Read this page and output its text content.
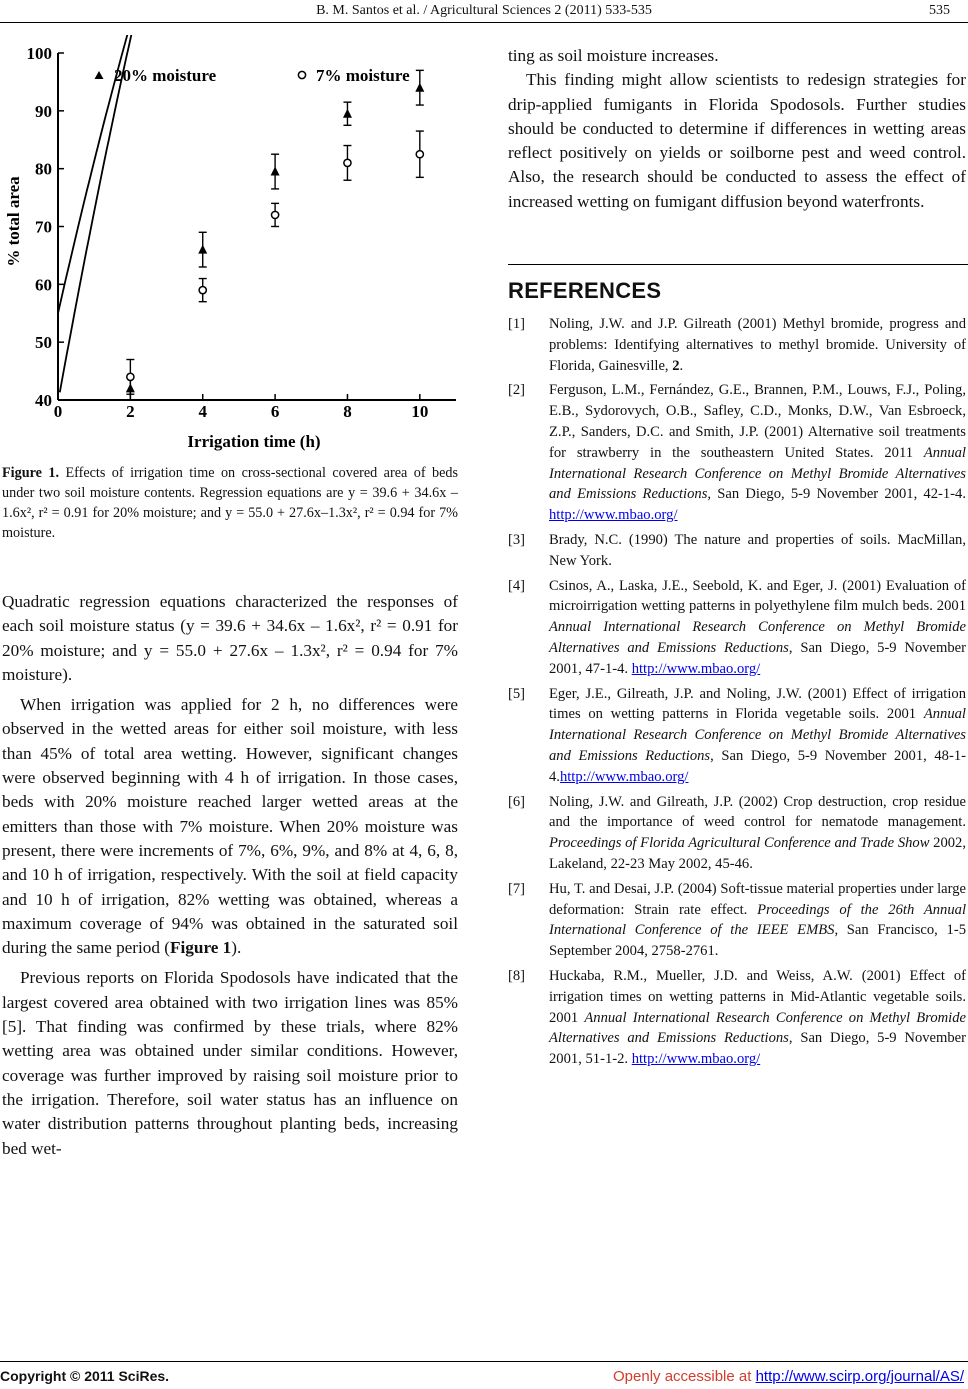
B. M. Santos et al. / Agricultural Sciences 2 (2011) 533-535	535
0	2	4	6	8	10
40
50
60
70
80
90
100
Irrigation time (h)
% total area
20% moisture	7% moisture
Figure 1. Effects of irrigation time on cross-sectional covered area of beds under two soil moisture contents. Regression equations are y = 39.6 + 34.6x – 1.6x², r² = 0.91 for 20% moisture; and y = 55.0 + 27.6x–1.3x², r² = 0.94 for 7% moisture.

Quadratic regression equations characterized the responses of each soil moisture status (y = 39.6 + 34.6x – 1.6x², r² = 0.91 for 20% moisture; and y = 55.0 + 27.6x – 1.3x², r² = 0.94 for 7% moisture).

When irrigation was applied for 2 h, no differences were observed in the wetted areas for either soil moisture, with less than 45% of total area wetting. However, significant changes were observed beginning with 4 h of irrigation. In those cases, beds with 20% moisture reached larger wetted areas at the emitters than those with 7% moisture. When 20% moisture was present, there were increments of 7%, 6%, 9%, and 8% at 4, 6, 8, and 10 h of irrigation, respectively. With the soil at field capacity and 10 h of irrigation, 82% wetting was obtained, whereas a maximum coverage of 94% was obtained in the saturated soil during the same period (Figure 1).

Previous reports on Florida Spodosols have indicated that the largest covered area obtained with two irrigation lines was 85% [5]. That finding was confirmed by these trials, where 82% wetting area was obtained under similar conditions. However, coverage was further improved by raising soil moisture prior to the irrigation. Therefore, soil water status has an influence on water distribution patterns throughout planting beds, increasing bed wet-

ting as soil moisture increases.

This finding might allow scientists to redesign strategies for drip-applied fumigants in Florida Spodosols. Further studies should be conducted to determine if differences in wetting areas reflect positively on yields or soilborne pest and weed control. Also, the research should be conducted to assess the effect of increased wetting on fumigant diffusion beyond waterfronts.

REFERENCES
[1]	Noling, J.W. and J.P. Gilreath (2001) Methyl bromide, progress and problems: Identifying alternatives to methyl bromide. University of Florida, Gainesville, 2.
[2]	Ferguson, L.M., Fernández, G.E., Brannen, P.M., Louws, F.J., Poling, E.B., Sydorovych, O.B., Safley, C.D., Monks, D.W., Van Esbroeck, Z.P., Sanders, D.C. and Smith, J.P. (2001) Alternative soil treatments for strawberry in the southeastern United States. 2011 Annual International Research Conference on Methyl Bromide Alternatives and Emissions Reductions, San Diego, 5-9 November 2001, 42-1-4. http://www.mbao.org/
[3]	Brady, N.C. (1990) The nature and properties of soils. MacMillan, New York.
[4]	Csinos, A., Laska, J.E., Seebold, K. and Eger, J. (2001) Evaluation of microirrigation wetting patterns in polyethylene film mulch beds. 2001 Annual International Research Conference on Methyl Bromide Alternatives and Emissions Reductions, San Diego, 5-9 November 2001, 47-1-4. http://www.mbao.org/
[5]	Eger, J.E., Gilreath, J.P. and Noling, J.W. (2001) Effect of irrigation times on wetting patterns in Florida vegetable soils. 2001 Annual International Research Conference on Methyl Bromide Alternatives and Emissions Reductions, San Diego, 5-9 November 2001, 48-1-4.http://www.mbao.org/
[6]	Noling, J.W. and Gilreath, J.P. (2002) Crop destruction, crop residue and the importance of weed control for nematode management. Proceedings of Florida Agricultural Conference and Trade Show 2002, Lakeland, 22-23 May 2002, 45-46.
[7]	Hu, T. and Desai, J.P. (2004) Soft-tissue material properties under large deformation: Strain rate effect. Proceedings of the 26th Annual International Conference of the IEEE EMBS, San Francisco, 1-5 September 2004, 2758-2761.
[8]	Huckaba, R.M., Mueller, J.D. and Weiss, A.W. (2001) Effect of irrigation times on wetting patterns in Mid-Atlantic vegetable soils. 2001 Annual International Research Conference on Methyl Bromide Alternatives and Emissions Reductions, San Diego, 5-9 November 2001, 51-1-2. http://www.mbao.org/
Copyright © 2011 SciRes.	Openly accessible at http://www.scirp.org/journal/AS/
